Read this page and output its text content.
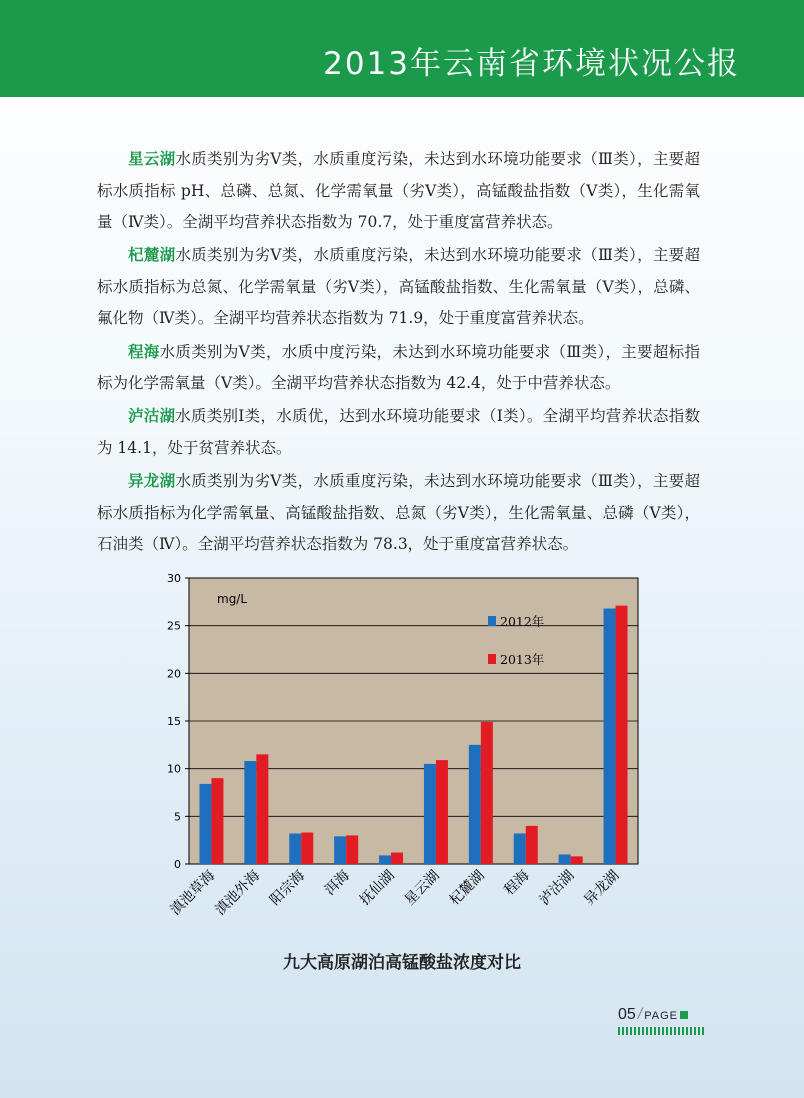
2013年云南省环境状况公报

星云湖水质类别为劣Ⅴ类，水质重度污染，未达到水环境功能要求（Ⅲ类），主要超标水质指标 pH、总磷、总氮、化学需氧量（劣Ⅴ类），高锰酸盐指数（Ⅴ类），生化需氧量（Ⅳ类）。全湖平均营养状态指数为 70.7，处于重度富营养状态。

杞麓湖水质类别为劣Ⅴ类，水质重度污染，未达到水环境功能要求（Ⅲ类），主要超标水质指标为总氮、化学需氧量（劣Ⅴ类），高锰酸盐指数、生化需氧量（Ⅴ类），总磷、氟化物（Ⅳ类）。全湖平均营养状态指数为 71.9，处于重度富营养状态。

程海水质类别为Ⅴ类，水质中度污染，未达到水环境功能要求（Ⅲ类），主要超标指标为化学需氧量（Ⅴ类）。全湖平均营养状态指数为 42.4，处于中营养状态。

泸沽湖水质类别Ⅰ类，水质优，达到水环境功能要求（Ⅰ类）。全湖平均营养状态指数为 14.1，处于贫营养状态。

异龙湖水质类别为劣Ⅴ类，水质重度污染，未达到水环境功能要求（Ⅲ类），主要超标水质指标为化学需氧量、高锰酸盐指数、总氮（劣Ⅴ类），生化需氧量、总磷（Ⅴ类），石油类（Ⅳ）。全湖平均营养状态指数为 78.3，处于重度富营养状态。

0
5
10
15
20
25
30
滇池草海
滇池外海 阳宗海 洱海 抚仙湖 星云湖 杞麓湖 程海 泸沽湖 异龙湖
mg/L
2012年
2013年
九大高原湖泊高锰酸盐浓度对比
05 / PAGE
